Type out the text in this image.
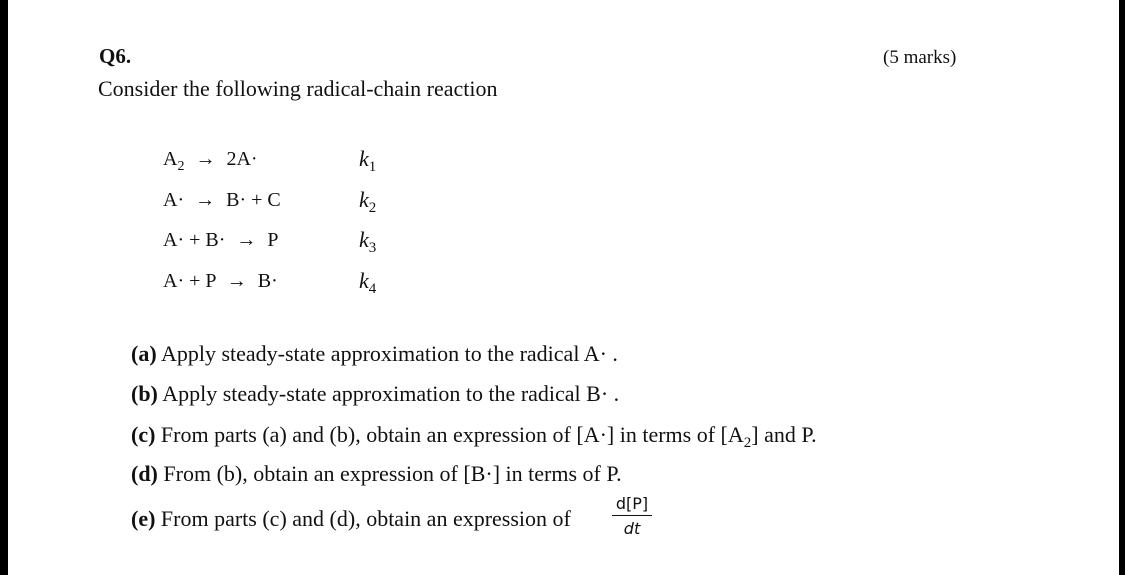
Q6.	(5 marks)
Consider the following radical-chain reaction
$A_2 \to 2A\cdot$	$k_1$
A· → B· + C	$k_2$
A· + B· → P	$k_3$
A· + P → B·	$k_4$
(a) Apply steady-state approximation to the radical A· .
(b) Apply steady-state approximation to the radical B· .
(c) From parts (a) and (b), obtain an expression of [A·] in terms of $[A_2]$ and P.
(d) From (b), obtain an expression of [B·] in terms of P.
(e) From parts (c) and (d), obtain an expression of	$\frac{d[P]}{dt}$
